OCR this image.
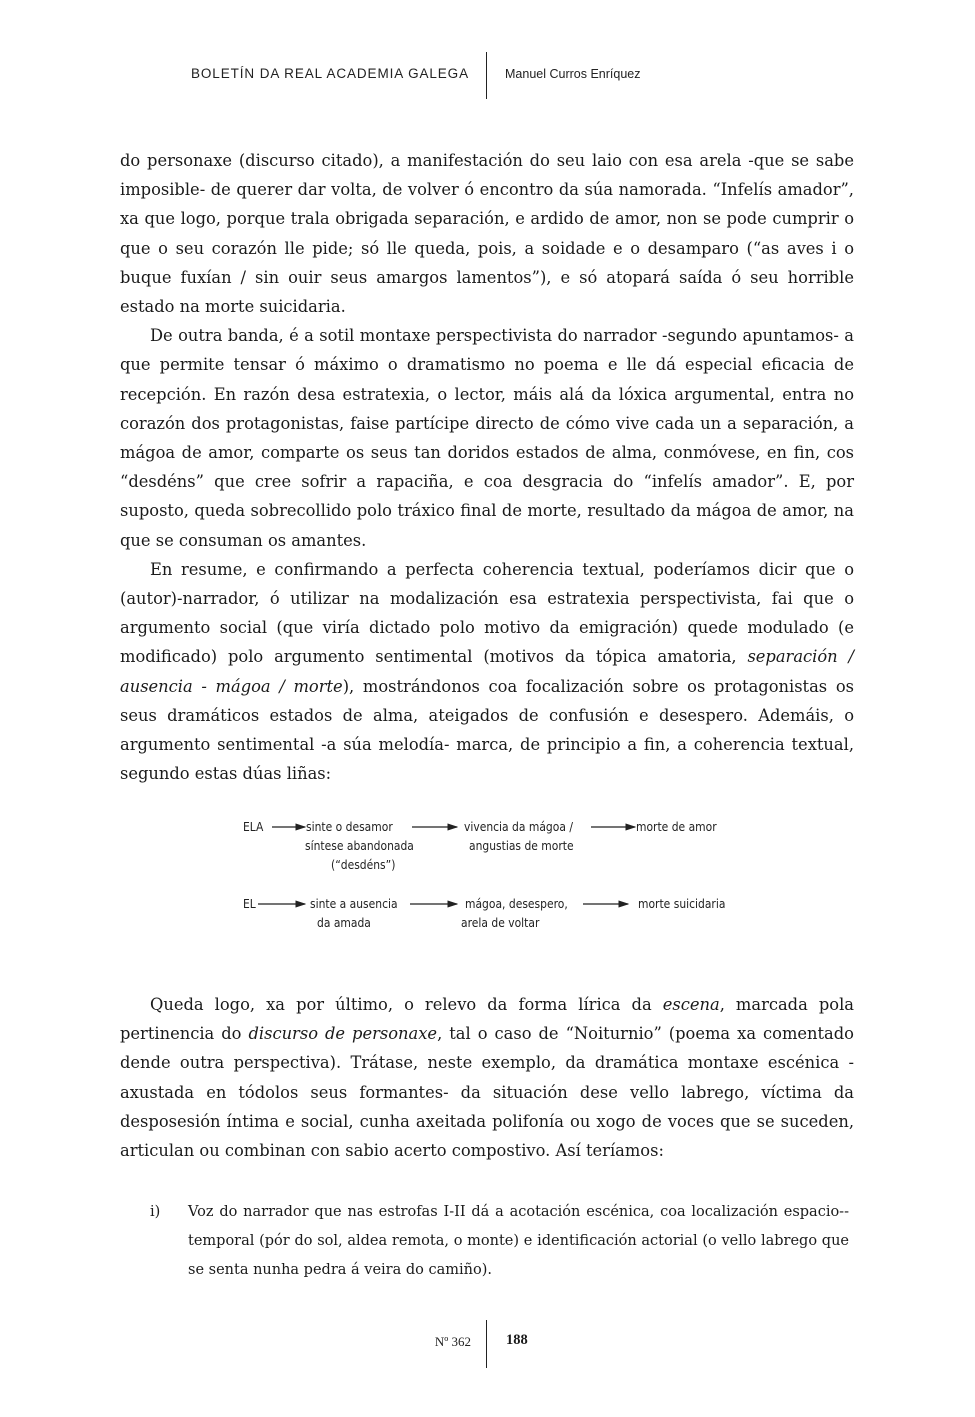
BOLETÍN DA REAL ACADEMIA GALEGA	Manuel Curros Enríquez

do personaxe (discurso citado), a manifestación do seu laio con esa arela -que se sabe imposible- de querer dar volta, de volver ó encontro da súa namorada. “Infelís amador”, xa que logo, porque trala obrigada separación, e ardido de amor, non se pode cumprir o que o seu corazón lle pide; só lle queda, pois, a soidade e o desamparo (“as aves i o buque fuxían / sin ouir seus amargos lamentos”), e só atopará saída ó seu horrible estado na morte suicidaria.

De outra banda, é a sotil montaxe perspectivista do narrador -segundo apuntamos- a que permite tensar ó máximo o dramatismo no poema e lle dá especial eficacia de recepción. En razón desa estratexia, o lector, máis alá da lóxica argumental, entra no corazón dos protagonistas, faise partícipe directo de cómo vive cada un a separación, a mágoa de amor, comparte os seus tan doridos estados de alma, conmóvese, en fin, cos “desdéns” que cree sofrir a rapaciña, e coa desgracia do “infelís amador”. E, por suposto, queda sobrecollido polo tráxico final de morte, resultado da mágoa de amor, na que se consuman os amantes.

En resume, e confirmando a perfecta coherencia textual, poderíamos dicir que o (autor)-narrador, ó utilizar na modalización esa estratexia perspectivista, fai que o argumento social (que viría dictado polo motivo da emigración) quede modulado (e modificado) polo argumento sentimental (motivos da tópica amatoria, separación / ausencia - mágoa / morte), mostrándonos coa focalización sobre os protagonistas os seus dramáticos estados de alma, ateigados de confusión e desespero. Ademáis, o argumento sentimental -a súa melodía- marca, de principio a fin, a coherencia textual, segundo estas dúas liñas:

ELA	sinte o desamor
síntese abandonada
(“desdéns”)
vivencia da mágoa /
angustias de morte
morte de amor
EL	sinte a ausencia
da amada
mágoa, desespero,
arela de voltar
morte suicidaria

Queda logo, xa por último, o relevo da forma lírica da escena, marcada pola pertinencia do discurso de personaxe, tal o caso de “Noiturnio” (poema xa comentado dende outra perspectiva). Trátase, neste exemplo, da dramática montaxe escénica -axustada en tódolos seus formantes- da situación dese vello labrego, víctima da desposesión íntima e social, cunha axeitada polifonía ou xogo de voces que se suceden, articulan ou combinan con sabio acerto compostivo. Así teríamos:

i) Voz do narrador que nas estrofas I-II dá a acotación escénica, coa localización espacio--temporal (pór do sol, aldea remota, o monte) e identificación actorial (o vello labrego que se senta nunha pedra á veira do camiño).
Nº 362 188
